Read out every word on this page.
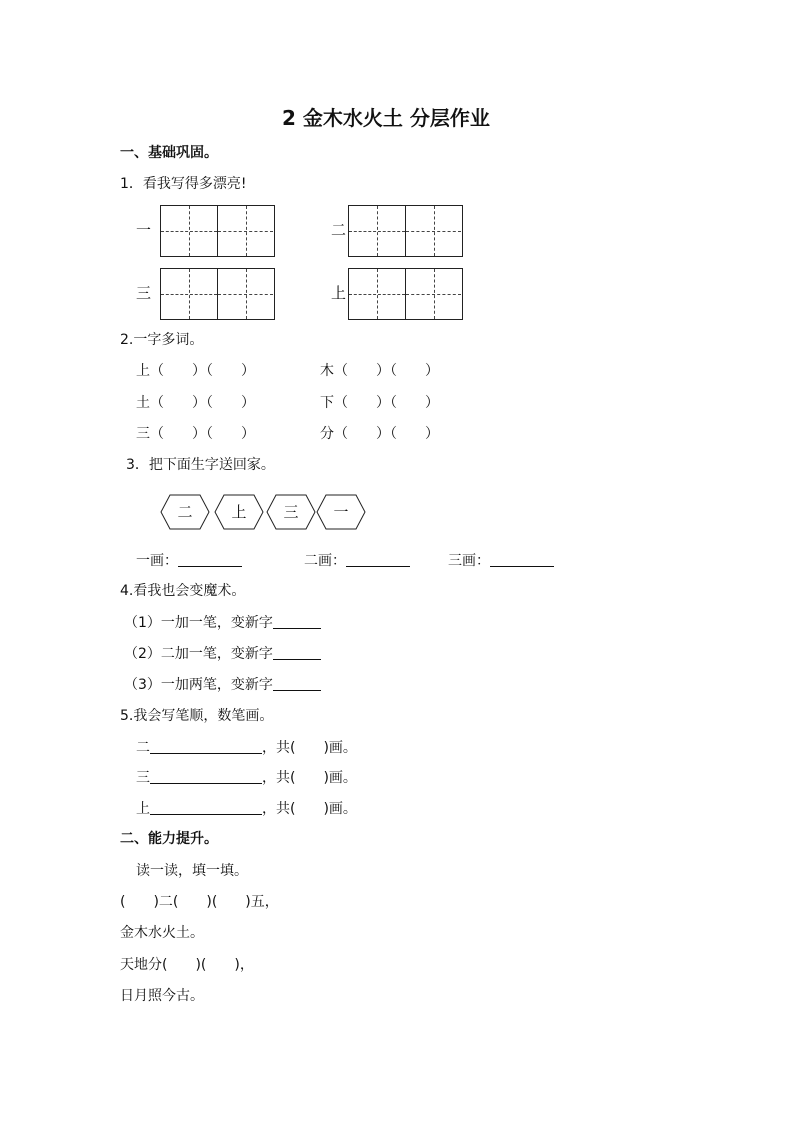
2 金木水火土 分层作业
一、基础巩固。
1．看我写得多漂亮!
一	二
三	上
2.一字多词。
上（　　）（　　）	木（　　）（　　）
土（　　）（　　）	下（　　）（　　）
三（　　）（　　）	分（　　）（　　）
3．把下面生字送回家。
二	上	三	一
一画：	二画：	三画：
4.看我也会变魔术。
（1）一加一笔，变新字
（2）二加一笔，变新字
（3）一加两笔，变新字
5.我会写笔顺，数笔画。
二	，共(　　)画。
三	，共(　　)画。
上	，共(　　)画。
二、能力提升。
读一读，填一填。
(　　)二(　　)(　　)五，
金木水火土。
天地分(　　)(　　)，
日月照今古。
